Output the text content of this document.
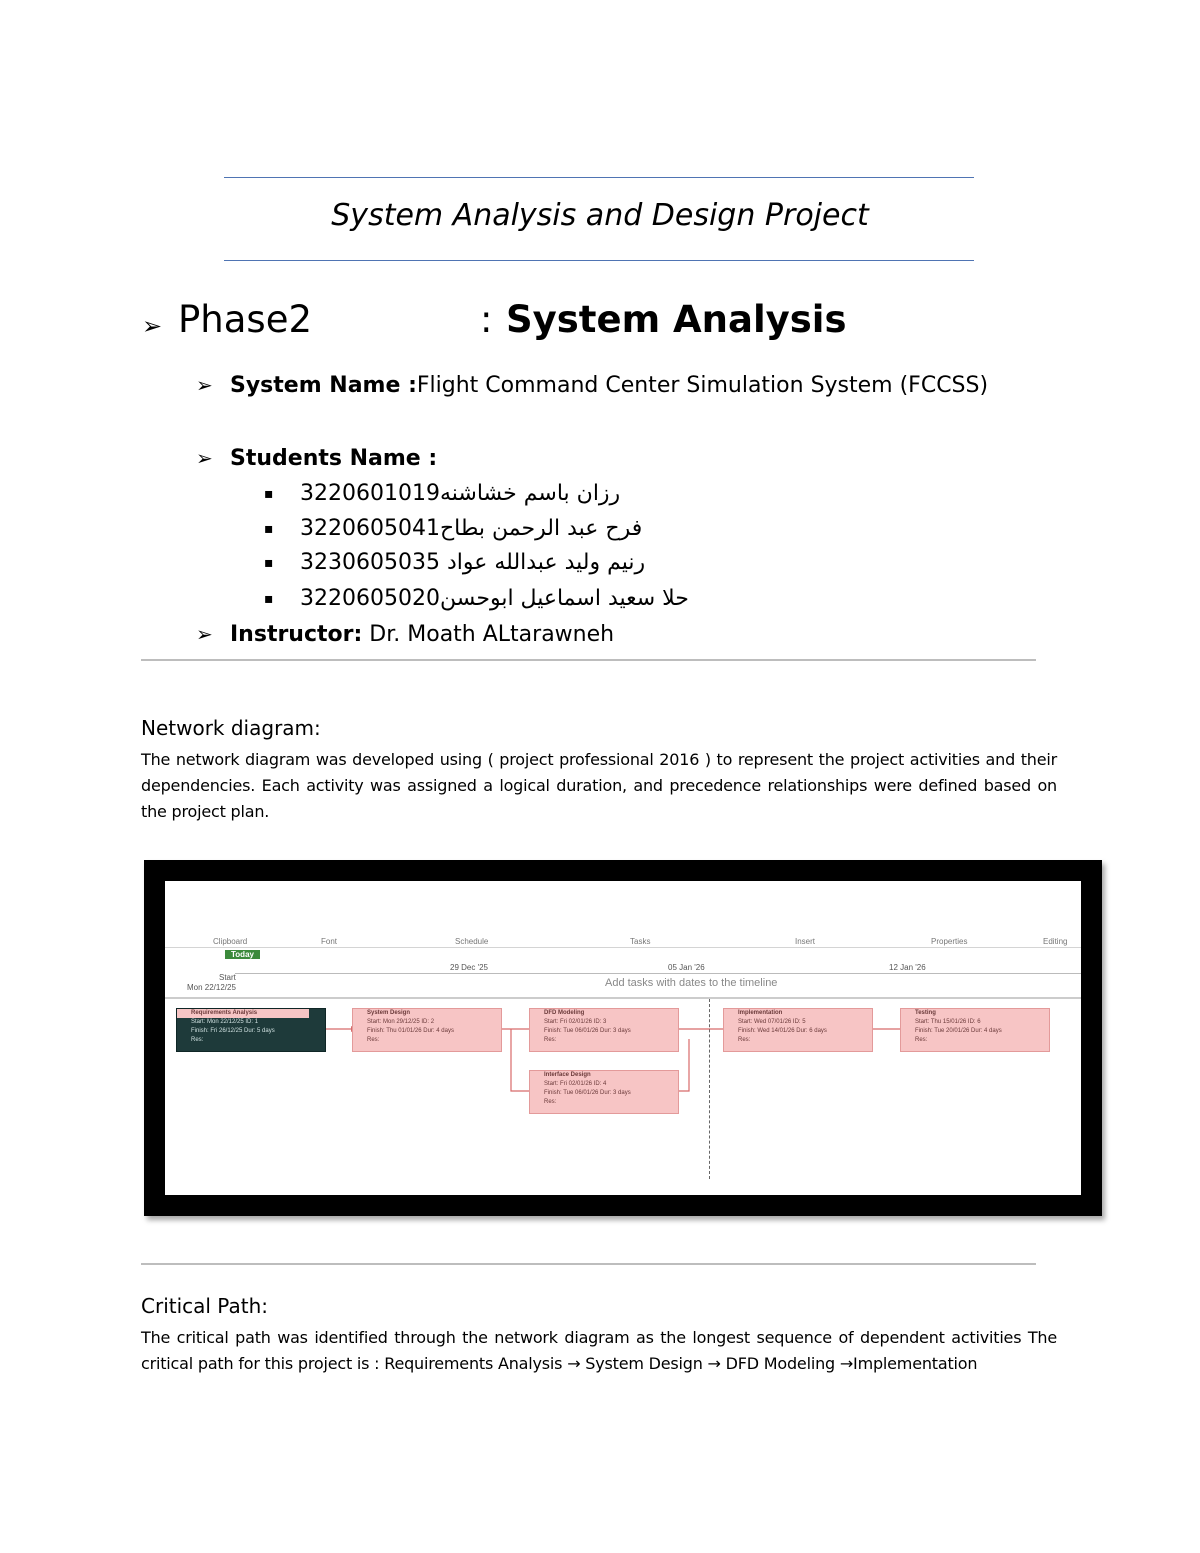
System Analysis and Design Project
➢ Phase2	: System Analysis
➢ System Name :Flight Command Center Simulation System (FCCSS)
➢ Students Name :
▪ 3220601019رزان باسم خشاشنه
▪ 3220605041فرح عبد الرحمن بطاح
▪ 3230605035 رنيم وليد عبدالله عواد
▪ 3220605020حلا سعيد اسماعيل ابوحسن
➢ Instructor: Dr. Moath ALtarawneh
Network diagram:
The network diagram was developed using ( project professional 2016 ) to represent the project activities and their dependencies. Each activity was assigned a logical duration, and precedence relationships were defined based on the project plan.
Clipboard	Font	Schedule	Tasks	Insert	Properties	Editing
Today
29 Dec '25	05 Jan '26	12 Jan '26
Start
Mon 22/12/25	Add tasks with dates to the timeline
Requirements Analysis
Start: Mon 22/12/25 ID: 1
Finish: Fri 26/12/25 Dur: 5 days
Res:
System Design
Start: Mon 29/12/25 ID: 2
Finish: Thu 01/01/26 Dur: 4 days
Res:
DFD Modeling
Start: Fri 02/01/26 ID: 3
Finish: Tue 06/01/26 Dur: 3 days
Res:
Interface Design
Start: Fri 02/01/26 ID: 4
Finish: Tue 06/01/26 Dur: 3 days
Res:
Implementation
Start: Wed 07/01/26 ID: 5
Finish: Wed 14/01/26 Dur: 6 days
Res:
Testing
Start: Thu 15/01/26 ID: 6
Finish: Tue 20/01/26 Dur: 4 days
Res:
Critical Path:
The critical path was identified through the network diagram as the longest sequence of dependent activities The critical path for this project is : Requirements Analysis → System Design → DFD Modeling →Implementation
